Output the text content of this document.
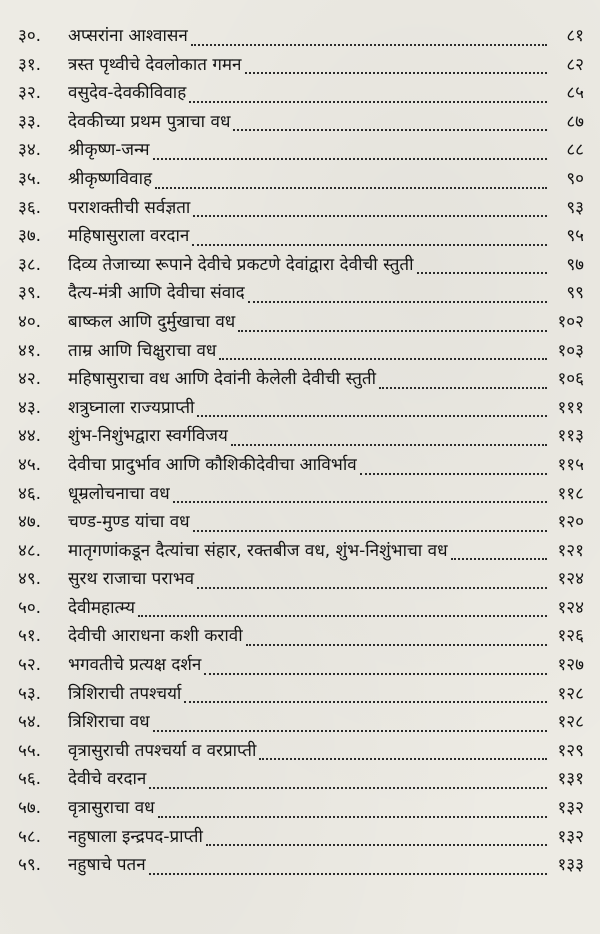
३०.	अप्सरांना आश्वासन	८१
३१.	त्रस्त पृथ्वीचे देवलोकात गमन	८२
३२.	वसुदेव-देवकीविवाह	८५
३३.	देवकीच्या प्रथम पुत्राचा वध	८७
३४.	श्रीकृष्ण-जन्म	८८
३५.	श्रीकृष्णविवाह	९०
३६.	पराशक्तीची सर्वज्ञता	९३
३७.	महिषासुराला वरदान	९५
३८.	दिव्य तेजाच्या रूपाने देवीचे प्रकटणे देवांद्वारा देवीची स्तुती	९७
३९.	दैत्य-मंत्री आणि देवीचा संवाद	९९
४०.	बाष्कल आणि दुर्मुखाचा वध	१०२
४१.	ताम्र आणि चिक्षुराचा वध	१०३
४२.	महिषासुराचा वध आणि देवांनी केलेली देवीची स्तुती	१०६
४३.	शत्रुघ्नाला राज्यप्राप्ती	१११
४४.	शुंभ-निशुंभद्वारा स्वर्गविजय	११३
४५.	देवीचा प्रादुर्भाव आणि कौशिकीदेवीचा आविर्भाव	११५
४६.	धूम्रलोचनाचा वध	११८
४७.	चण्ड-मुण्ड यांचा वध	१२०
४८.	मातृगणांकडून दैत्यांचा संहार, रक्तबीज वध, शुंभ-निशुंभाचा वध	१२१
४९.	सुरथ राजाचा पराभव	१२४
५०.	देवीमहात्म्य	१२४
५१.	देवीची आराधना कशी करावी	१२६
५२.	भगवतीचे प्रत्यक्ष दर्शन	१२७
५३.	त्रिशिराची तपश्चर्या	१२८
५४.	त्रिशिराचा वध	१२८
५५.	वृत्रासुराची तपश्चर्या व वरप्राप्ती	१२९
५६.	देवीचे वरदान	१३१
५७.	वृत्रासुराचा वध	१३२
५८.	नहुषाला इन्द्रपद-प्राप्ती	१३२
५९.	नहुषाचे पतन	१३३
